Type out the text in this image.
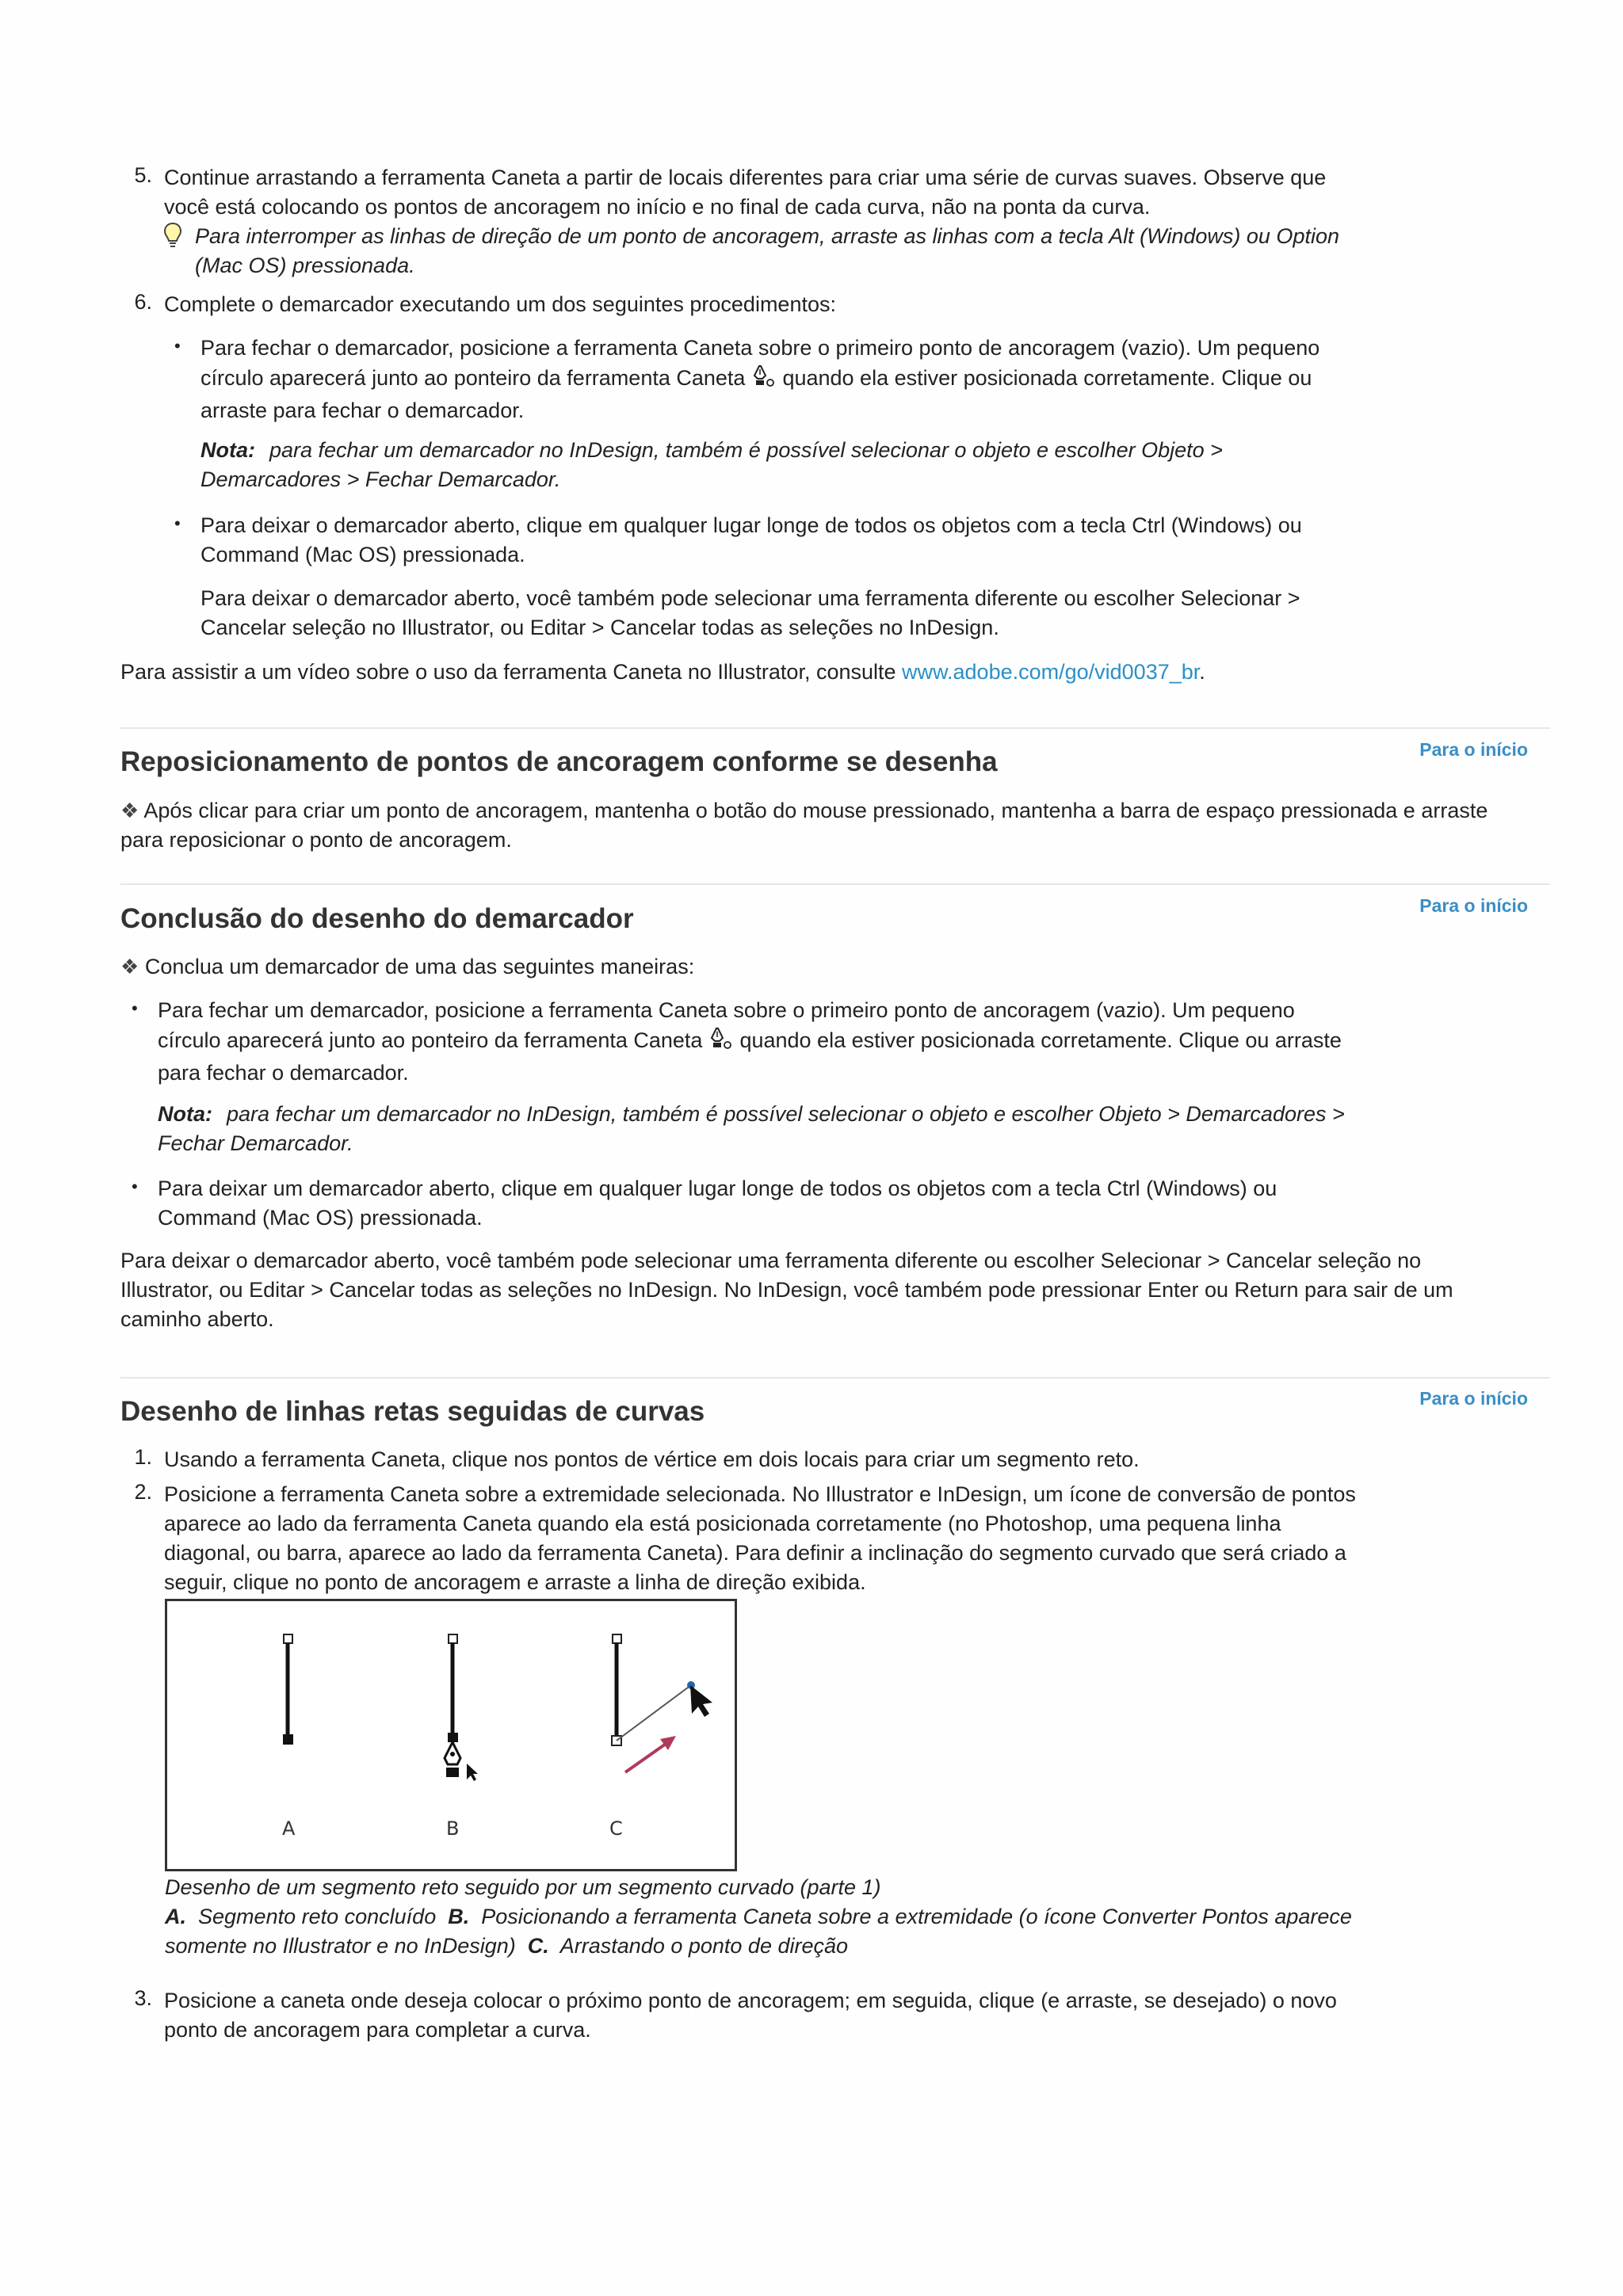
5. Continue arrastando a ferramenta Caneta a partir de locais diferentes para criar uma série de curvas suaves. Observe que
você está colocando os pontos de ancoragem no início e no final de cada curva, não na ponta da curva.
Para interromper as linhas de direção de um ponto de ancoragem, arraste as linhas com a tecla Alt (Windows) ou Option
(Mac OS) pressionada.
6. Complete o demarcador executando um dos seguintes procedimentos:
• Para fechar o demarcador, posicione a ferramenta Caneta sobre o primeiro ponto de ancoragem (vazio). Um pequeno
círculo aparecerá junto ao ponteiro da ferramenta Caneta quando ela estiver posicionada corretamente. Clique ou
arraste para fechar o demarcador.
Nota: para fechar um demarcador no InDesign, também é possível selecionar o objeto e escolher Objeto >
Demarcadores > Fechar Demarcador.
• Para deixar o demarcador aberto, clique em qualquer lugar longe de todos os objetos com a tecla Ctrl (Windows) ou
Command (Mac OS) pressionada.
Para deixar o demarcador aberto, você também pode selecionar uma ferramenta diferente ou escolher Selecionar >
Cancelar seleção no Illustrator, ou Editar > Cancelar todas as seleções no InDesign.
Para assistir a um vídeo sobre o uso da ferramenta Caneta no Illustrator, consulte www.adobe.com/go/vid0037_br.
Para o início
Reposicionamento de pontos de ancoragem conforme se desenha
❖ Após clicar para criar um ponto de ancoragem, mantenha o botão do mouse pressionado, mantenha a barra de espaço pressionada e arraste
para reposicionar o ponto de ancoragem.
Para o início
Conclusão do desenho do demarcador
❖ Conclua um demarcador de uma das seguintes maneiras:
• Para fechar um demarcador, posicione a ferramenta Caneta sobre o primeiro ponto de ancoragem (vazio). Um pequeno
círculo aparecerá junto ao ponteiro da ferramenta Caneta quando ela estiver posicionada corretamente. Clique ou arraste
para fechar o demarcador.
Nota: para fechar um demarcador no InDesign, também é possível selecionar o objeto e escolher Objeto > Demarcadores >
Fechar Demarcador.
• Para deixar um demarcador aberto, clique em qualquer lugar longe de todos os objetos com a tecla Ctrl (Windows) ou
Command (Mac OS) pressionada.
Para deixar o demarcador aberto, você também pode selecionar uma ferramenta diferente ou escolher Selecionar > Cancelar seleção no
Illustrator, ou Editar > Cancelar todas as seleções no InDesign. No InDesign, você também pode pressionar Enter ou Return para sair de um
caminho aberto.
Para o início
Desenho de linhas retas seguidas de curvas
1. Usando a ferramenta Caneta, clique nos pontos de vértice em dois locais para criar um segmento reto.
2. Posicione a ferramenta Caneta sobre a extremidade selecionada. No Illustrator e InDesign, um ícone de conversão de pontos
aparece ao lado da ferramenta Caneta quando ela está posicionada corretamente (no Photoshop, uma pequena linha
diagonal, ou barra, aparece ao lado da ferramenta Caneta). Para definir a inclinação do segmento curvado que será criado a
seguir, clique no ponto de ancoragem e arraste a linha de direção exibida.
A	B	C
Desenho de um segmento reto seguido por um segmento curvado (parte 1)
A. Segmento reto concluído B. Posicionando a ferramenta Caneta sobre a extremidade (o ícone Converter Pontos aparece
somente no Illustrator e no InDesign) C. Arrastando o ponto de direção
3. Posicione a caneta onde deseja colocar o próximo ponto de ancoragem; em seguida, clique (e arraste, se desejado) o novo
ponto de ancoragem para completar a curva.
